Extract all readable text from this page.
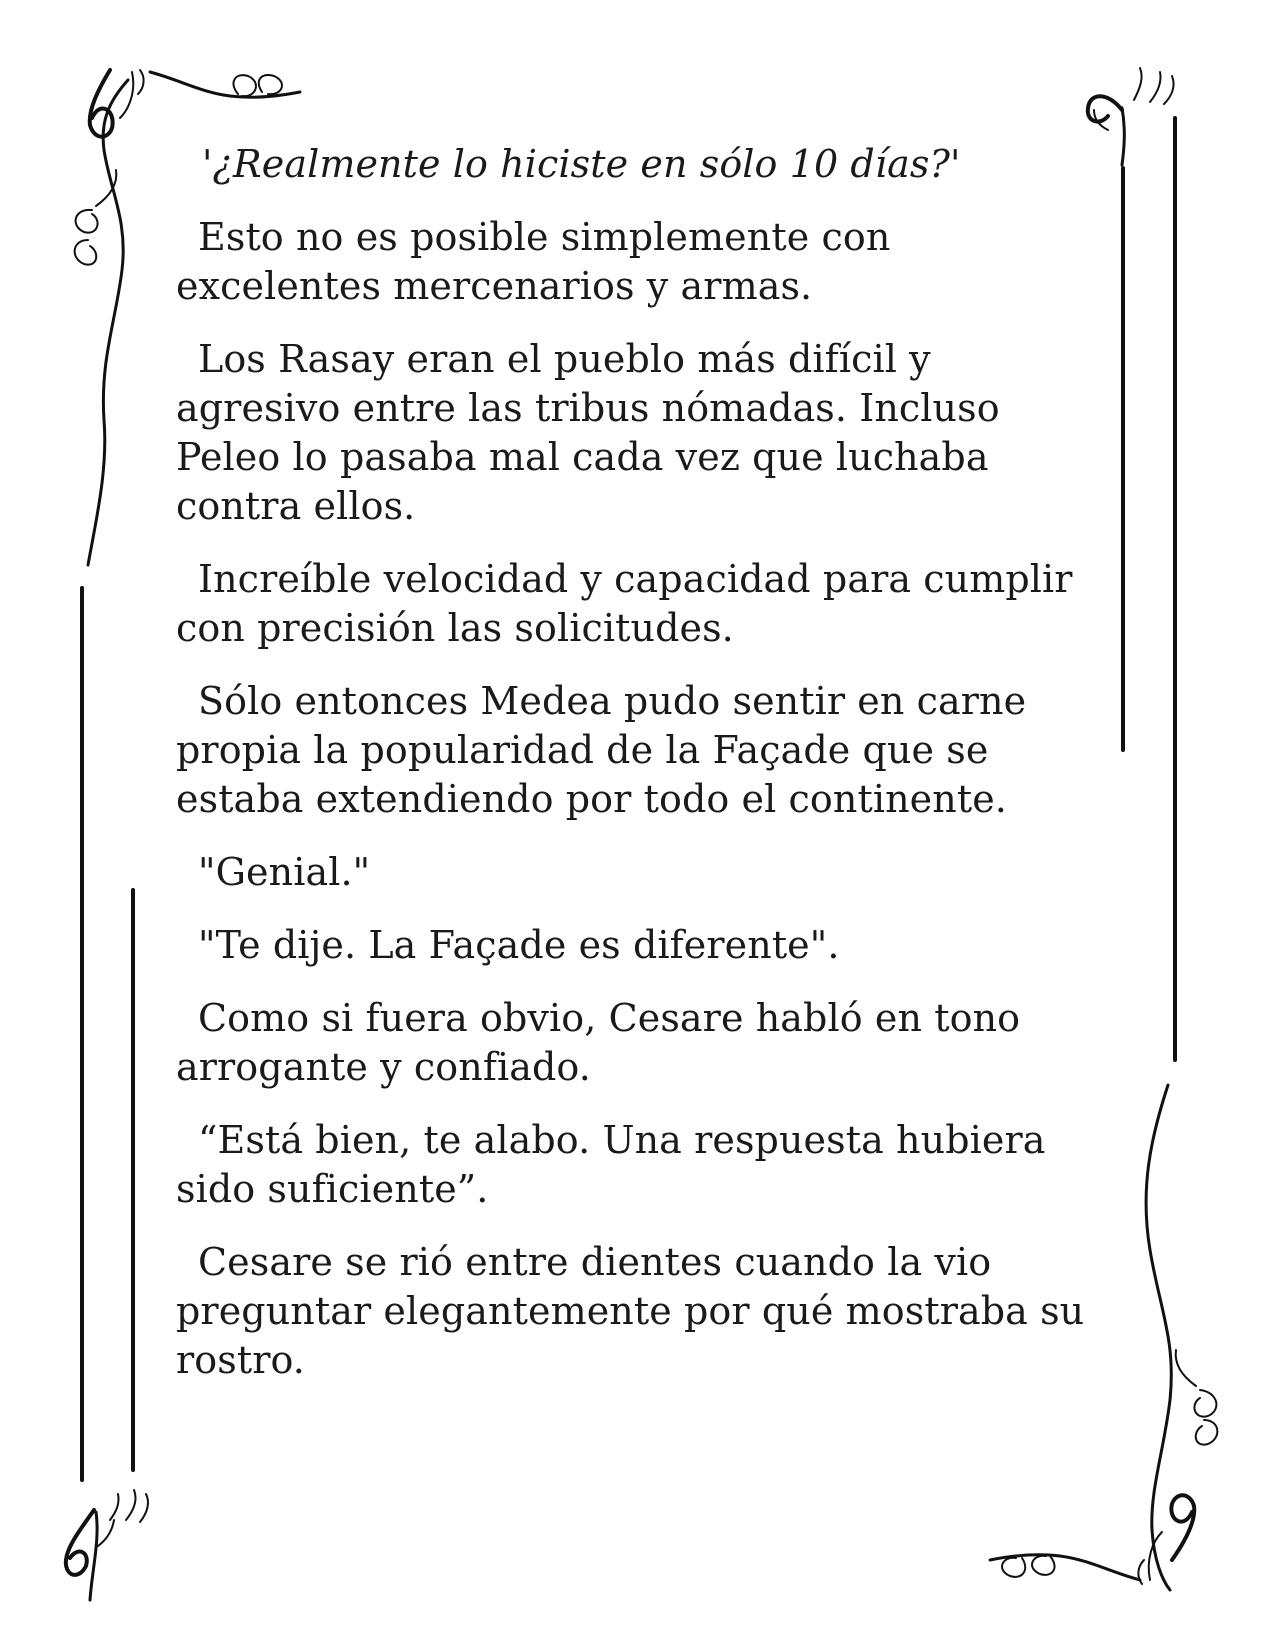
'¿Realmente lo hiciste en sólo 10 días?'

Esto no es posible simplemente con excelentes mercenarios y armas.

Los Rasay eran el pueblo más difícil y agresivo entre las tribus nómadas. Incluso Peleo lo pasaba mal cada vez que luchaba contra ellos.

Increíble velocidad y capacidad para cumplir con precisión las solicitudes.

Sólo entonces Medea pudo sentir en carne propia la popularidad de la Façade que se estaba extendiendo por todo el continente.

"Genial."

"Te dije. La Façade es diferente".

Como si fuera obvio, Cesare habló en tono arrogante y confiado.

“Está bien, te alabo. Una respuesta hubiera sido suficiente”.

Cesare se rió entre dientes cuando la vio preguntar elegantemente por qué mostraba su rostro.
